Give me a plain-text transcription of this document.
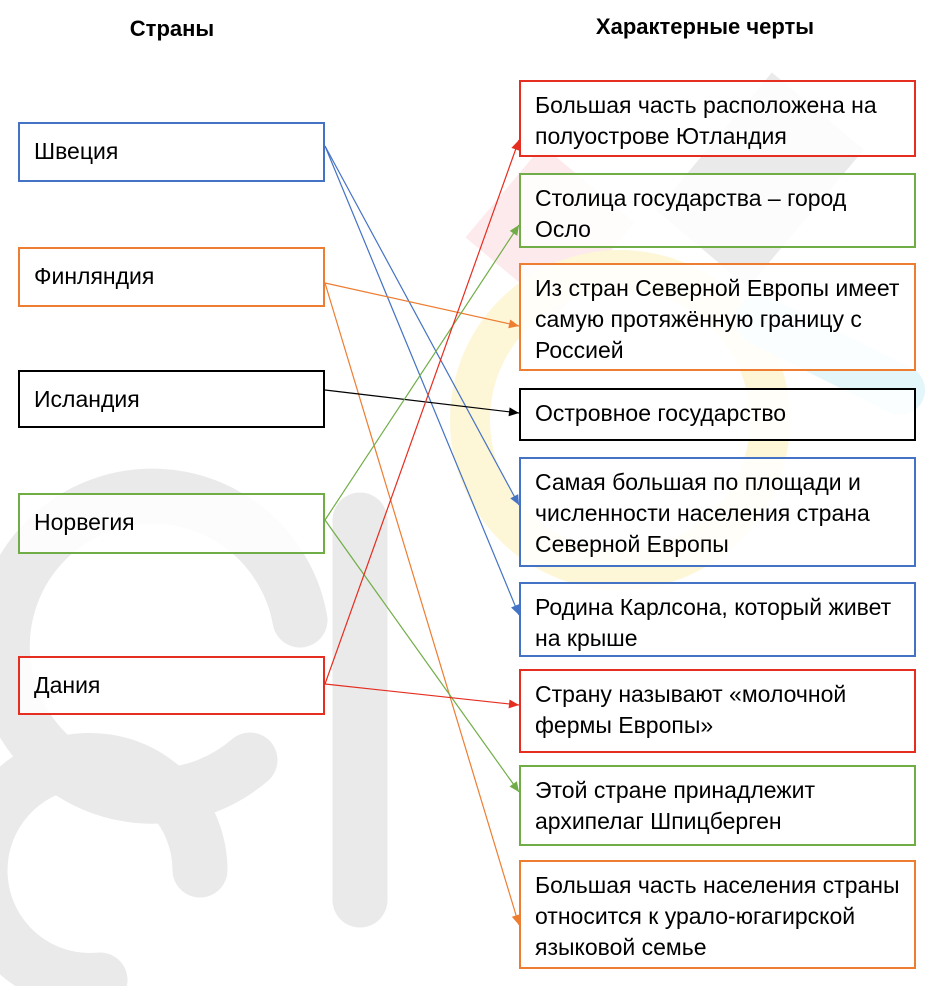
Страны	Характерные черты
Швеция
Финляндия
Исландия
Норвегия
Дания
Большая часть расположена на полуострове Ютландия
Столица государства – город Осло
Из стран Северной Европы имеет самую протяжённую границу с Россией
Островное государство
Самая большая по площади и численности населения страна Северной Европы
Родина Карлсона, который живет на крыше
Страну называют «молочной фермы Европы»
Этой стране принадлежит архипелаг Шпицберген
Большая часть населения страны относится к урало-югагирской языковой семье
